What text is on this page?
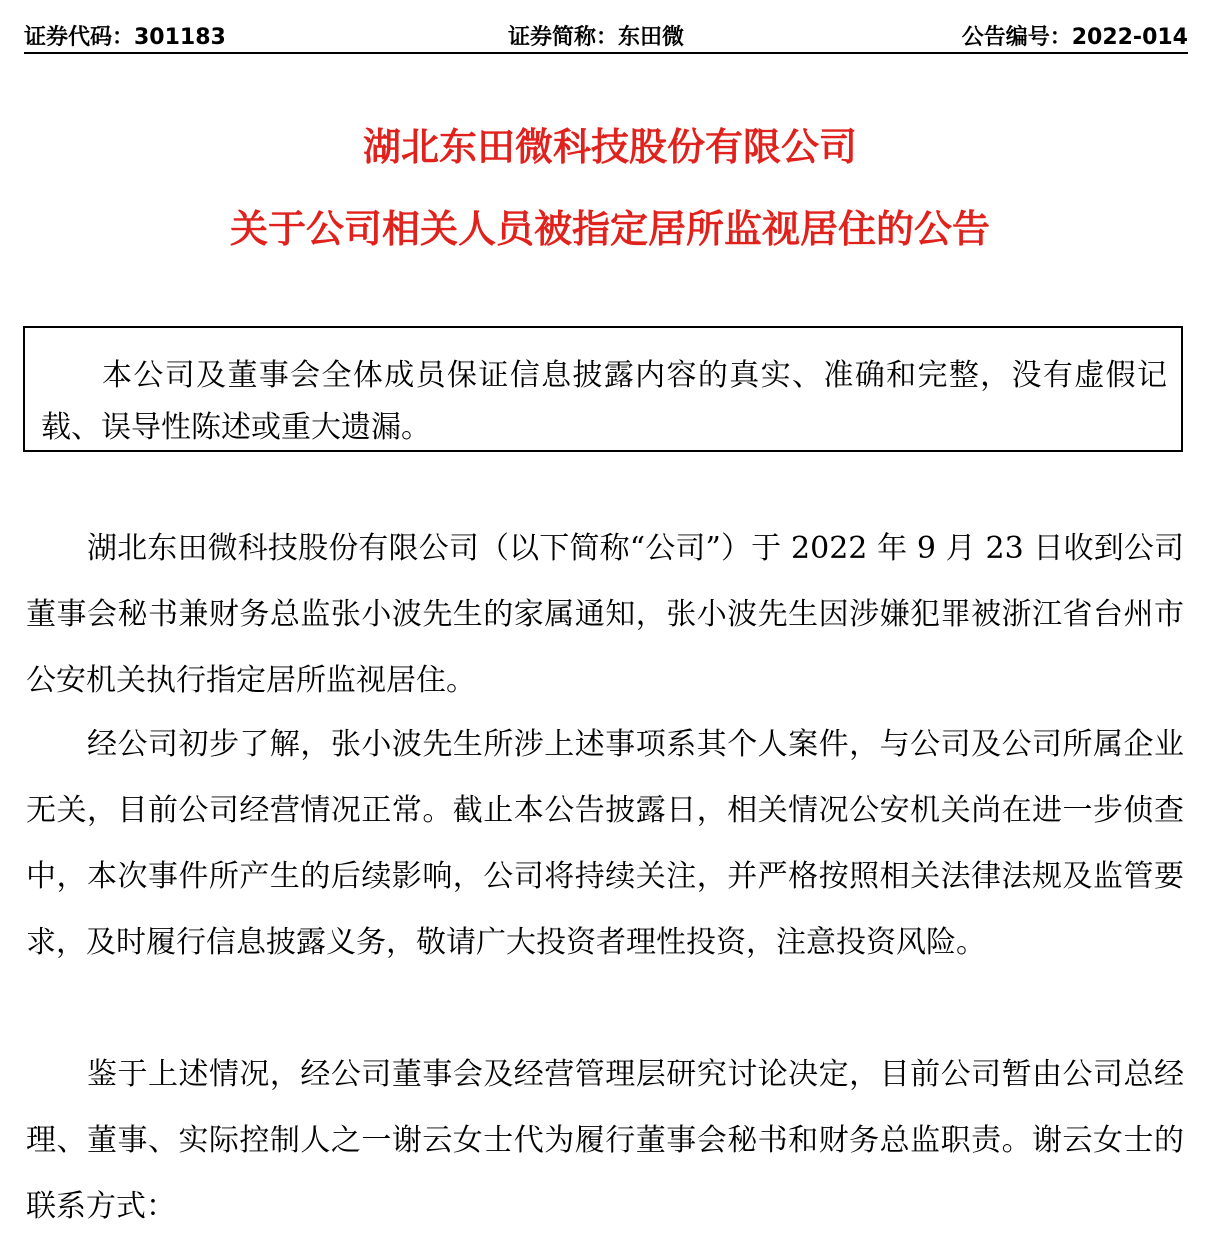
证券代码：301183	证券简称：东田微	公告编号：2022-014
湖北东田微科技股份有限公司
关于公司相关人员被指定居所监视居住的公告
本公司及董事会全体成员保证信息披露内容的真实、准确和完整，没有虚假记载、误导性陈述或重大遗漏。

湖北东田微科技股份有限公司（以下简称“公司”）于 2022 年 9 月 23 日收到公司董事会秘书兼财务总监张小波先生的家属通知，张小波先生因涉嫌犯罪被浙江省台州市公安机关执行指定居所监视居住。

经公司初步了解，张小波先生所涉上述事项系其个人案件，与公司及公司所属企业无关，目前公司经营情况正常。截止本公告披露日，相关情况公安机关尚在进一步侦查中，本次事件所产生的后续影响，公司将持续关注，并严格按照相关法律法规及监管要求，及时履行信息披露义务，敬请广大投资者理性投资，注意投资风险。

鉴于上述情况，经公司董事会及经营管理层研究讨论决定，目前公司暂由公司总经理、董事、实际控制人之一谢云女士代为履行董事会秘书和财务总监职责。谢云女士的联系方式：
